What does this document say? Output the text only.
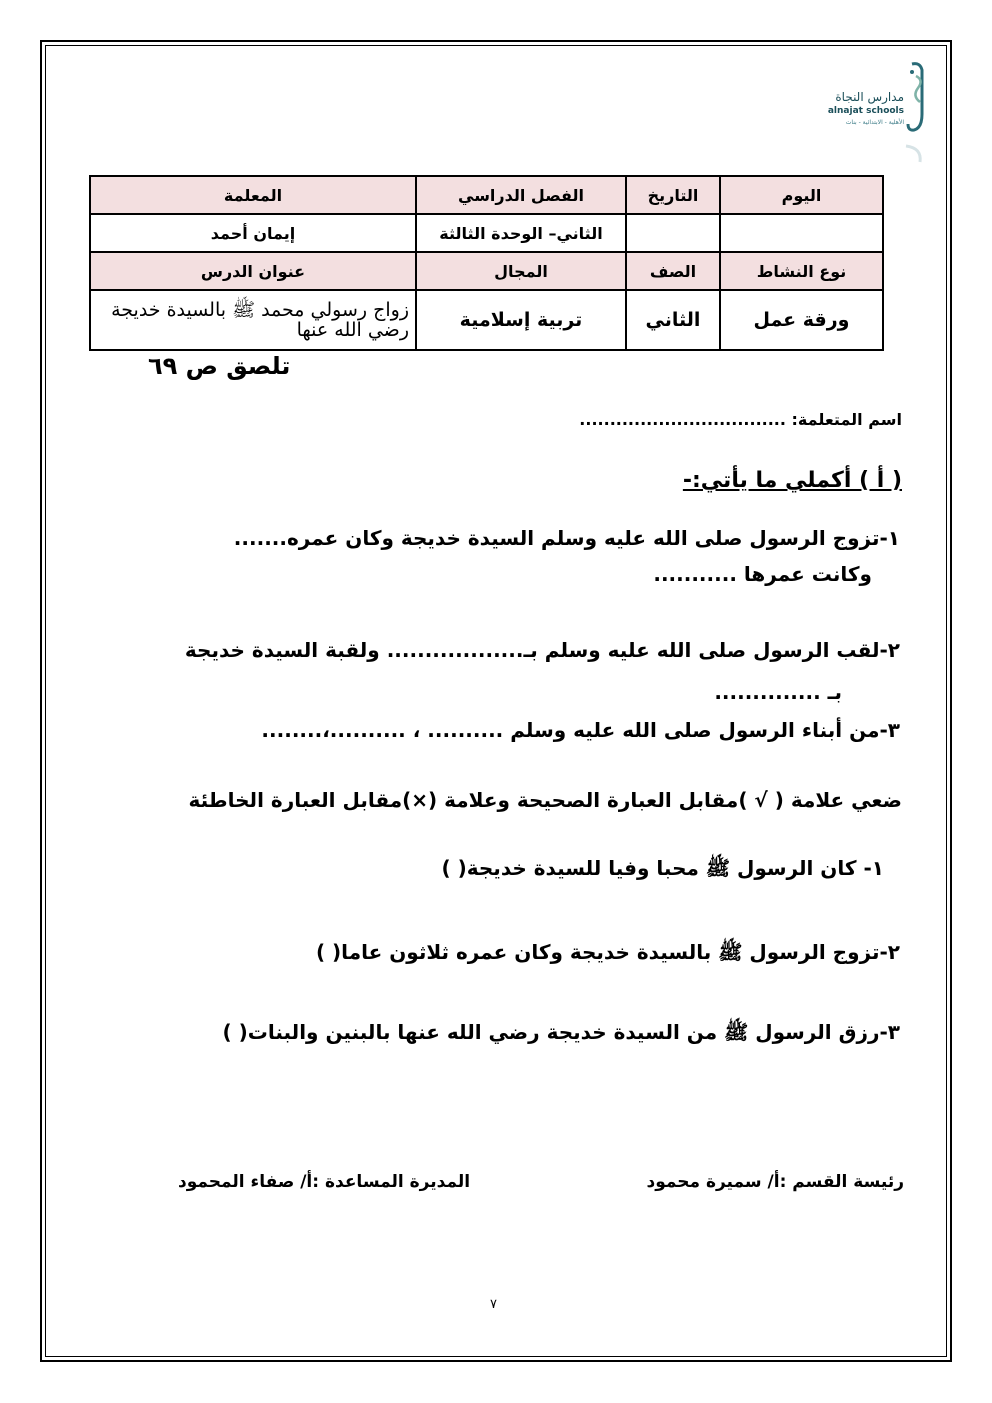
مدارس النجاة
alnajat schools
الأهلية - الابتدائية - بنات
اليوم	التاريخ	الفصل الدراسي	المعلمة
		الثاني– الوحدة الثالثة	إيمان أحمد
نوع النشاط	الصف	المجال	عنوان الدرس
ورقة عمل	الثاني	تربية إسلامية	زواج رسولي محمد ﷺ بالسيدة خديجة رضي الله عنها
تلصق ص ٦٩
اسم المتعلمة: ..................................
( أ ) أكملي ما يأتي:-
١-تزوج الرسول صلى الله عليه وسلم السيدة خديجة وكان عمره.......
وكانت عمرها ...........
٢-لقب الرسول صلى الله عليه وسلم بـ.................. ولقبة السيدة خديجة
بـ ..............
٣-من أبناء الرسول صلى الله عليه وسلم .......... ، ..........،........
ضعي علامة ( √ )مقابل العبارة الصحيحة وعلامة (×)مقابل العبارة الخاطئة
١- كان الرسول ﷺ محبا وفيا للسيدة خديجة( )
٢-تزوج الرسول ﷺ بالسيدة خديجة وكان عمره ثلاثون عاما( )
٣-رزق الرسول ﷺ من السيدة خديجة رضي الله عنها بالبنين والبنات( )
رئيسة القسم :أ/ سميرة محمود
المديرة المساعدة :أ/ صفاء المحمود
٧
